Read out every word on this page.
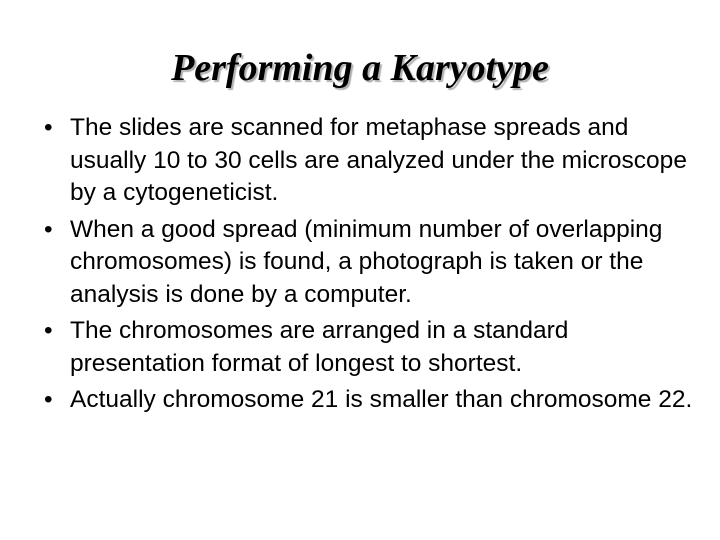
Performing a Karyotype
• The slides are scanned for metaphase spreads and usually 10 to 30 cells are analyzed under the microscope by a cytogeneticist.
• When a good spread (minimum number of overlapping chromosomes) is found, a photograph is taken or the analysis is done by a computer.
• The chromosomes are arranged in a standard presentation format of longest to shortest.
• Actually chromosome 21 is smaller than chromosome 22.
